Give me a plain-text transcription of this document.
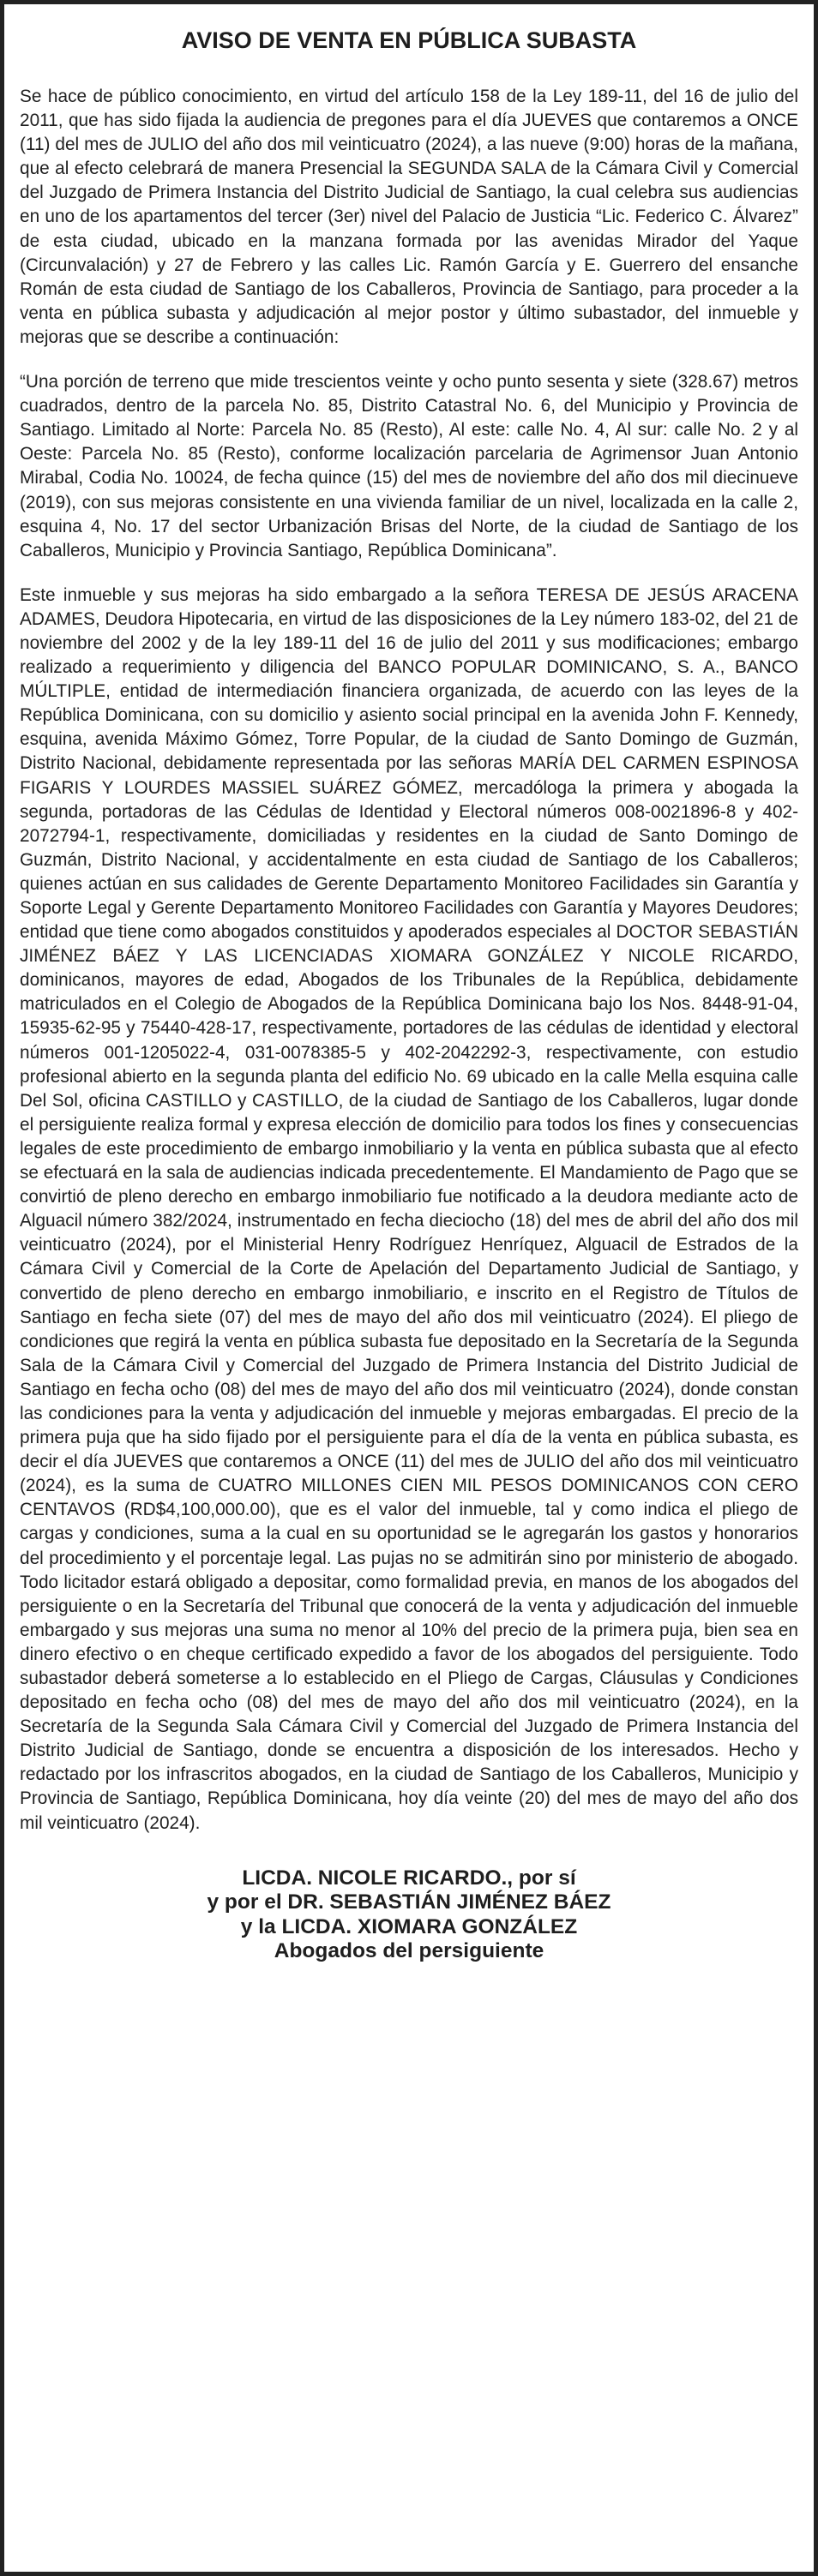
AVISO DE VENTA EN PÚBLICA SUBASTA

Se hace de público conocimiento, en virtud del artículo 158 de la Ley 189-11, del 16 de julio del 2011, que has sido fijada la audiencia de pregones para el día JUEVES que contaremos a ONCE (11) del mes de JULIO del año dos mil veinticuatro (2024), a las nueve (9:00) horas de la mañana, que al efecto celebrará de manera Presencial la SEGUNDA SALA de la Cámara Civil y Comercial del Juzgado de Primera Instancia del Distrito Judicial de Santiago, la cual celebra sus audiencias en uno de los apartamentos del tercer (3er) nivel del Palacio de Justicia “Lic. Federico C. Álvarez” de esta ciudad, ubicado en la manzana formada por las avenidas Mirador del Yaque (Circunvalación) y 27 de Febrero y las calles Lic. Ramón García y E. Guerrero del ensanche Román de esta ciudad de Santiago de los Caballeros, Provincia de Santiago, para proceder a la venta en pública subasta y adjudicación al mejor postor y último subastador, del inmueble y mejoras que se describe a continuación:

“Una porción de terreno que mide trescientos veinte y ocho punto sesenta y siete (328.67) metros cuadrados, dentro de la parcela No. 85, Distrito Catastral No. 6, del Municipio y Provincia de Santiago. Limitado al Norte: Parcela No. 85 (Resto), Al este: calle No. 4, Al sur: calle No. 2 y al Oeste: Parcela No. 85 (Resto), conforme localización parcelaria de Agrimensor Juan Antonio Mirabal, Codia No. 10024, de fecha quince (15) del mes de noviembre del año dos mil diecinueve (2019), con sus mejoras consistente en una vivienda familiar de un nivel, localizada en la calle 2, esquina 4, No. 17 del sector Urbanización Brisas del Norte, de la ciudad de Santiago de los Caballeros, Municipio y Provincia Santiago, República Dominicana”.

Este inmueble y sus mejoras ha sido embargado a la señora TERESA DE JESÚS ARACENA ADAMES, Deudora Hipotecaria, en virtud de las disposiciones de la Ley número 183-02, del 21 de noviembre del 2002 y de la ley 189-11 del 16 de julio del 2011 y sus modificaciones; embargo realizado a requerimiento y diligencia del BANCO POPULAR DOMINICANO, S. A., BANCO MÚLTIPLE, entidad de intermediación financiera organizada, de acuerdo con las leyes de la República Dominicana, con su domicilio y asiento social principal en la avenida John F. Kennedy, esquina, avenida Máximo Gómez, Torre Popular, de la ciudad de Santo Domingo de Guzmán, Distrito Nacional, debidamente representada por las señoras MARÍA DEL CARMEN ESPINOSA FIGARIS Y LOURDES MASSIEL SUÁREZ GÓMEZ, mercadóloga la primera y abogada la segunda, portadoras de las Cédulas de Identidad y Electoral números 008-0021896-8 y 402-2072794-1, respectivamente, domiciliadas y residentes en la ciudad de Santo Domingo de Guzmán, Distrito Nacional, y accidentalmente en esta ciudad de Santiago de los Caballeros; quienes actúan en sus calidades de Gerente Departamento Monitoreo Facilidades sin Garantía y Soporte Legal y Gerente Departamento Monitoreo Facilidades con Garantía y Mayores Deudores; entidad que tiene como abogados constituidos y apoderados especiales al DOCTOR SEBASTIÁN JIMÉNEZ BÁEZ Y LAS LICENCIADAS XIOMARA GONZÁLEZ Y NICOLE RICARDO, dominicanos, mayores de edad, Abogados de los Tribunales de la República, debidamente matriculados en el Colegio de Abogados de la República Dominicana bajo los Nos. 8448-91-04, 15935-62-95 y 75440-428-17, respectivamente, portadores de las cédulas de identidad y electoral números 001-1205022-4, 031-0078385-5 y 402-2042292-3, respectivamente, con estudio profesional abierto en la segunda planta del edificio No. 69 ubicado en la calle Mella esquina calle Del Sol, oficina CASTILLO y CASTILLO, de la ciudad de Santiago de los Caballeros, lugar donde el persiguiente realiza formal y expresa elección de domicilio para todos los fines y consecuencias legales de este procedimiento de embargo inmobiliario y la venta en pública subasta que al efecto se efectuará en la sala de audiencias indicada precedentemente. El Mandamiento de Pago que se convirtió de pleno derecho en embargo inmobiliario fue notificado a la deudora mediante acto de Alguacil número 382/2024, instrumentado en fecha dieciocho (18) del mes de abril del año dos mil veinticuatro (2024), por el Ministerial Henry Rodríguez Henríquez, Alguacil de Estrados de la Cámara Civil y Comercial de la Corte de Apelación del Departamento Judicial de Santiago, y convertido de pleno derecho en embargo inmobiliario, e inscrito en el Registro de Títulos de Santiago en fecha siete (07) del mes de mayo del año dos mil veinticuatro (2024). El pliego de condiciones que regirá la venta en pública subasta fue depositado en la Secretaría de la Segunda Sala de la Cámara Civil y Comercial del Juzgado de Primera Instancia del Distrito Judicial de Santiago en fecha ocho (08) del mes de mayo del año dos mil veinticuatro (2024), donde constan las condiciones para la venta y adjudicación del inmueble y mejoras embargadas. El precio de la primera puja que ha sido fijado por el persiguiente para el día de la venta en pública subasta, es decir el día JUEVES que contaremos a ONCE (11) del mes de JULIO del año dos mil veinticuatro (2024), es la suma de CUATRO MILLONES CIEN MIL PESOS DOMINICANOS CON CERO CENTAVOS (RD$4,100,000.00), que es el valor del inmueble, tal y como indica el pliego de cargas y condiciones, suma a la cual en su oportunidad se le agregarán los gastos y honorarios del procedimiento y el porcentaje legal. Las pujas no se admitirán sino por ministerio de abogado. Todo licitador estará obligado a depositar, como formalidad previa, en manos de los abogados del persiguiente o en la Secretaría del Tribunal que conocerá de la venta y adjudicación del inmueble embargado y sus mejoras una suma no menor al 10% del precio de la primera puja, bien sea en dinero efectivo o en cheque certificado expedido a favor de los abogados del persiguiente. Todo subastador deberá someterse a lo establecido en el Pliego de Cargas, Cláusulas y Condiciones depositado en fecha ocho (08) del mes de mayo del año dos mil veinticuatro (2024), en la Secretaría de la Segunda Sala Cámara Civil y Comercial del Juzgado de Primera Instancia del Distrito Judicial de Santiago, donde se encuentra a disposición de los interesados. Hecho y redactado por los infrascritos abogados, en la ciudad de Santiago de los Caballeros, Municipio y Provincia de Santiago, República Dominicana, hoy día veinte (20) del mes de mayo del año dos mil veinticuatro (2024).

LICDA. NICOLE RICARDO., por sí
y por el DR. SEBASTIÁN JIMÉNEZ BÁEZ
y la LICDA. XIOMARA GONZÁLEZ
Abogados del persiguiente
